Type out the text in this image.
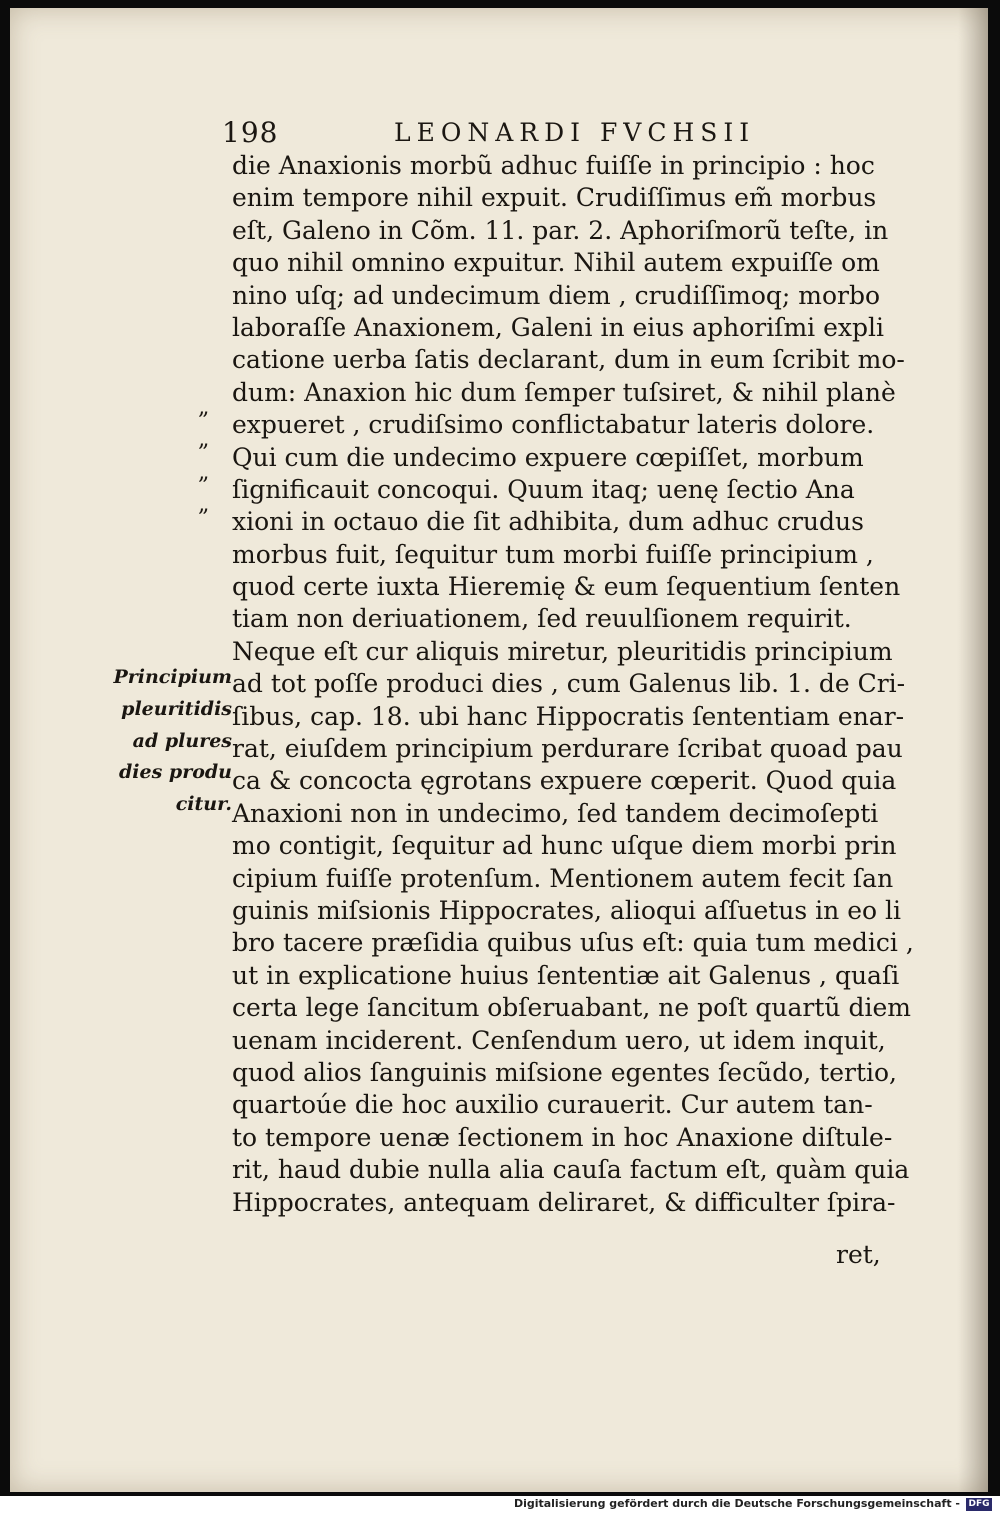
198	LEONARDI FVCHSII
„
„
„
„
Principium
pleuritidis
ad plures
dies produ
citur.
die Anaxionis morbũ adhuc fuiſſe in principio : hoc
enim tempore nihil expuit. Crudiſſimus em̃ morbus
eſt, Galeno in Cõm. 11. par. 2. Aphoriſmorũ teſte, in
quo nihil omnino expuitur. Nihil autem expuiſſe om
nino uſq; ad undecimum diem , crudiſſimoq; morbo
laboraſſe Anaxionem, Galeni in eius aphoriſmi expli
catione uerba ſatis declarant, dum in eum ſcribit mo-
dum: Anaxion hic dum ſemper tuſsiret, & nihil planè
expueret , crudiſsimo conflictabatur lateris dolore.
Qui cum die undecimo expuere cœpiſſet, morbum
ſignificauit concoqui. Quum itaq; uenę ſectio Ana
xioni in octauo die ſit adhibita, dum adhuc crudus
morbus fuit, ſequitur tum morbi fuiſſe principium ,
quod certe iuxta Hieremię & eum ſequentium ſenten
tiam non deriuationem, ſed reuulſionem requirit.
Neque eſt cur aliquis miretur, pleuritidis principium
ad tot poſſe produci dies , cum Galenus lib. 1. de Cri-
ſibus, cap. 18. ubi hanc Hippocratis ſententiam enar-
rat, eiuſdem principium perdurare ſcribat quoad pau
ca & concocta ęgrotans expuere cœperit. Quod quia
Anaxioni non in undecimo, ſed tandem decimoſepti
mo contigit, ſequitur ad hunc uſque diem morbi prin
cipium fuiſſe protenſum. Mentionem autem fecit ſan
guinis miſsionis Hippocrates, alioqui aſſuetus in eo li
bro tacere præſidia quibus uſus eſt: quia tum medici ,
ut in explicatione huius ſententiæ ait Galenus , quaſi
certa lege ſancitum obſeruabant, ne poſt quartũ diem
uenam inciderent. Cenſendum uero, ut idem inquit,
quod alios ſanguinis miſsione egentes ſecũdo, tertio,
quartoúe die hoc auxilio curauerit. Cur autem tan-
to tempore uenæ ſectionem in hoc Anaxione diſtule-
rit, haud dubie nulla alia cauſa factum eſt, quàm quia
Hippocrates, antequam deliraret, & difficulter ſpira-
ret,
Digitalisierung gefördert durch die Deutsche Forschungsgemeinschaft - DFG
